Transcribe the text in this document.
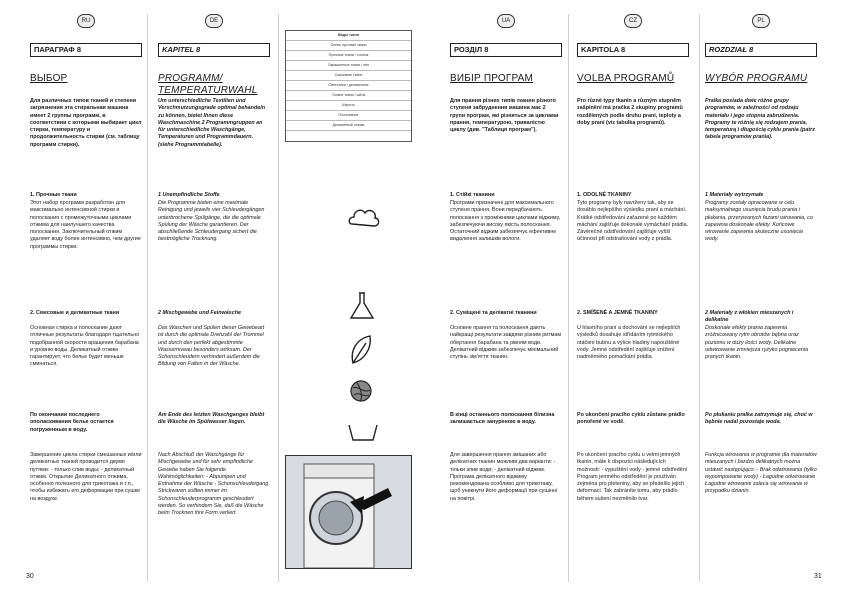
30	31
RU
ПАРАГРАФ 8
ВЫБОР

Для различных типов тканей и степени загрязнения эта стиральная машина имеет 2 группы программ, в соответствии с которыми выбирает цикл стирки, температуру и продолжительность стирки (см. таблицу программ стирки).

1. Прочные ткани

Этот набор программ разработан для максимально интенсивной стирки и полоскания с промежуточными циклами отжима для наилучшего качества полоскания. Заключительный отжим удаляет воду более интенсивно, чем другие программы стирки.

2. Смесовые и деликатные ткани

Основная стирка и полоскание дают отличные результаты благодаря тщательно подобранной скорости вращения барабана и уровню воды. Деликатный отжим гарантирует, что белье будет меньше сминаться.

По окончании последнего ополаскивания белье остается погруженным в воду.

Завершение цикла стирки смешанных и/или деликатных тканей проводится двумя путями: - только слив воды; - деликатный отжим. Открытие Деликатного отжима, особенно полезного для трикотажа и т.п., чтобы избежать его деформации при сушке на воздухе.

DE
KAPITEL 8
PROGRAMM/ TEMPERATURWAHL

Um unterschiedliche Textilien und Verschmutzungsgrade optimal behandeln zu können, bietet Ihnen diese Waschmaschine 2 Programmgruppen an für unterschiedliche Waschgänge, Temperaturen und Programmdauern. (siehe Programmtabelle).

1 Unempfindliche Stoffe

Die Programme bieten eine maximale Reinigung und jeweils vier Schleudergängen unterbrochene Spülgänge, die die optimale Spülung der Wäsche garantieren. Der abschließende Schleudergang sichert die bestmögliche Trocknung.

2 Mischgewebe und Feinwäsche

Das Waschen und Spülen dieser Gewebeart ist durch die optimale Drehzahl der Trommel und durch den perfekt abgestimmte Wasserniveau besonders wirksam. Der Schonschleudern verhindert außerdem die Bildung von Falten in der Wäsche.

Am Ende des letzten Waschganges bleibt die Wäsche im Spülwasser liegen.

Nach Abschluß der Waschgänge für Mischgewebe und für sehr empfindliche Gewebe haben Sie folgende Wahlmöglichkeiten: - Abpumpen und Entnahme der Wäsche - Schonschleudergang Strickwaren sollten immer im Schonschleuderprogramm geschleudert werden. So verhindern Sie, daß die Wäsche beim Trocknen ihre Form verliert.

UA
РОЗДІЛ 8
ВИБІР ПРОГРАМ

Для прання різних типів тканин різного ступеня забруднення машина має 2 групи програм, які різняться за циклами прання, температурою, тривалістю циклу (див. "Таблиця програм").

1. Стійкі тканини

Програми призначені для максимального ступеня прання. Вони передбачають полоскання з проміжними циклами віджиму, забезпечуючи високу якість полоскання. Остаточний віджим забезпечує ефективне видалення залишків вологи.

2. Суміщені та делікатні тканини

Основне прання та полоскання дають найкращі результати завдяки різним ритмам обертання барабана та рівням води. Делікатний віджим забезпечує мінімальний ступінь зім'яття тканин.

В кінці останнього полоскання білизна залишається зануреною в воду.

Для завершення прання змішаних або делікатних тканин можливі два варіанти: - тільки злив води; - делікатний віджим. Програма делікатного віджиму рекомендована особливо для трикотажу, щоб уникнути його деформації при сушінні на повітрі.

CZ
KAPITOLA 8
VOLBA PROGRAMŮ

Pro různé typy tkanin a různým stupněm zašpinění má pračka 2 skupiny programů rozdělených podle druhu praní, teploty a doby praní (viz tabulka programů).

1. ODOLNÉ TKANINY

Tyto programy byly navrženy tak, aby se dosáhlo nejlepšího výsledku praní a máchání. Krátké odstředování zařazené po každém máchání zajišťuje dokonalé vymáchání prádla. Závěrečné odstředování zajišťuje vyšší účinnost při odstraňování vody z prádla.

2. SMÍŠENÉ A JEMNÉ TKANINY

U hlavního praní a dochování se nejlepších výsledků dosahuje střídáním rytmického otáčení bubnu a výšce hladiny napouštěné vody. Jemné odstředění zajišťuje snížení nadměrného pomačkání prádla.

Po ukončení pracího cyklu zůstane prádlo ponořené ve vodě.

Po ukončení pracího cyklu u velmi jemných tkanin, máte k dispozici následujících možnosti: - vypuštění vody - jemné odstředění Program jemného odstředění je používán zejména pro pleteniny, aby se předešlo jejich deformaci. Tak zabráníte tomu, aby prádlo během sušení nezměnilo tvar.

PL
ROZDZIAŁ 8
WYBÓR PROGRAMU

Pralka posiada dwie różne grupy programów, w zależności od rodzaju materiału i jego stopnia zabrudzenia. Programy te różnią się rodzajem prania, temperaturą i długością cyklu prania (patrz tabela programów prania).

1 Materiały wytrzymałe

Programy zostały opracowane w celu maksymalnego usunięcia brudu prania i płukania, przerywanych fazami wirowania, co zapewnia doskonałe efekty. Końcowe wirowanie zapewnia skuteczne usunięcie wody.

2 Materiały z włókien mieszanych i delikatne

Doskonałe efekty prania zapewnia zróżnicowany rytm obrotów bębna oraz poziomu w duży ilości wody. Delikatne odwirowanie zmniejsza ryzyko pogniecenia pranych tkanin.

Po płukaniu pralka zatrzymuje się, choć w bębnie nadal pozostaje woda.

Funkcja wirowania w programie dla materiałów mieszanych i bardzo delikatnych można ustawić następująco: - Brak odwirowania (tylko wypompowanie wody) - Łagodne odwirowanie Łagodne wirowanie zaleca się wirowanie w przypadku dzianin.

Виды ткани
Очень прочные ткани
Прочные ткани / хлопок
Окрашенные ткани / лён
Смесовые ткани
Синтетика / деликатные
Тонкие ткани / шёлк
Шерсть
Полоскание
Деликатный отжим
